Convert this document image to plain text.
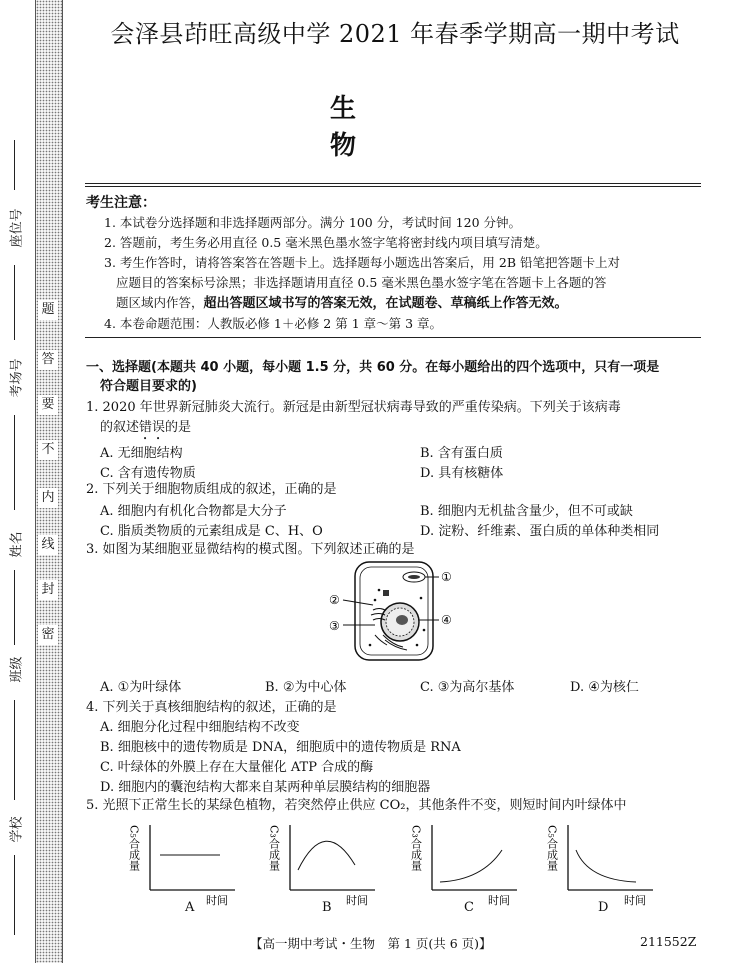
题
答
要
不
内
线
封
密
座位号
考场号
姓名
班级
学校
会泽县茚旺高级中学 2021 年春季学期高一期中考试
生物
考生注意：

1. 本试卷分选择题和非选择题两部分。满分 100 分，考试时间 120 分钟。

2. 答题前，考生务必用直径 0.5 毫米黑色墨水签字笔将密封线内项目填写清楚。

3. 考生作答时，请将答案答在答题卡上。选择题每小题选出答案后，用 2B 铅笔把答题卡上对

应题目的答案标号涂黑；非选择题请用直径 0.5 毫米黑色墨水签字笔在答题卡上各题的答

题区域内作答，超出答题区域书写的答案无效，在试题卷、草稿纸上作答无效。

4. 本卷命题范围：人教版必修 1＋必修 2 第 1 章～第 3 章。

一、选择题(本题共 40 小题，每小题 1.5 分，共 60 分。在每小题给出的四个选项中，只有一项是
符合题目要求的)
1. 2020 年世界新冠肺炎大流行。新冠是由新型冠状病毒导致的严重传染病。下列关于该病毒
的叙述错误的是
A. 无细胞结构	B. 含有蛋白质
C. 含有遗传物质	D. 具有核糖体
2. 下列关于细胞物质组成的叙述，正确的是
A. 细胞内有机化合物都是大分子	B. 细胞内无机盐含量少，但不可或缺
C. 脂质类物质的元素组成是 C、H、O	D. 淀粉、纤维素、蛋白质的单体种类相同
3. 如图为某细胞亚显微结构的模式图。下列叙述正确的是
①
②
③	④
A. ①为叶绿体	B. ②为中心体	C. ③为高尔基体	D. ④为核仁
4. 下列关于真核细胞结构的叙述，正确的是
A. 细胞分化过程中细胞结构不改变
B. 细胞核中的遗传物质是 DNA，细胞质中的遗传物质是 RNA
C. 叶绿体的外膜上存在大量催化 ATP 合成的酶
D. 细胞内的囊泡结构大都来自某两种单层膜结构的细胞器
5. 光照下正常生长的某绿色植物，若突然停止供应 CO₂，其他条件不变，则短时间内叶绿体中
C₅合成量
时间
A
C₃合成量
时间
B
C₃合成量
时间
C
C₅合成量
时间
D
【高一期中考试・生物　第 1 页(共 6 页)】	211552Z
